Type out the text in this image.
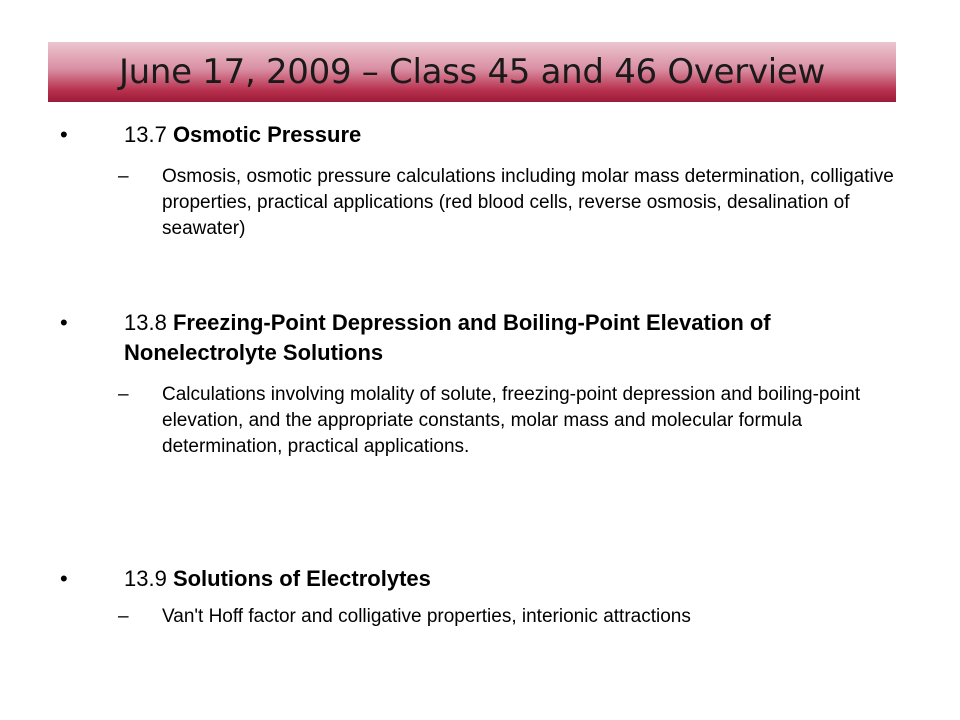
June 17, 2009 – Class 45 and 46 Overview
•	13.7 Osmotic Pressure
– Osmosis, osmotic pressure calculations including molar mass determination, colligative properties, practical applications (red blood cells, reverse osmosis, desalination of seawater)
•	13.8 Freezing-Point Depression and Boiling-Point Elevation of Nonelectrolyte Solutions
– Calculations involving molality of solute, freezing-point depression and boiling-point elevation, and the appropriate constants, molar mass and molecular formula determination, practical applications.
•	13.9 Solutions of Electrolytes
– Van't Hoff factor and colligative properties, interionic attractions
